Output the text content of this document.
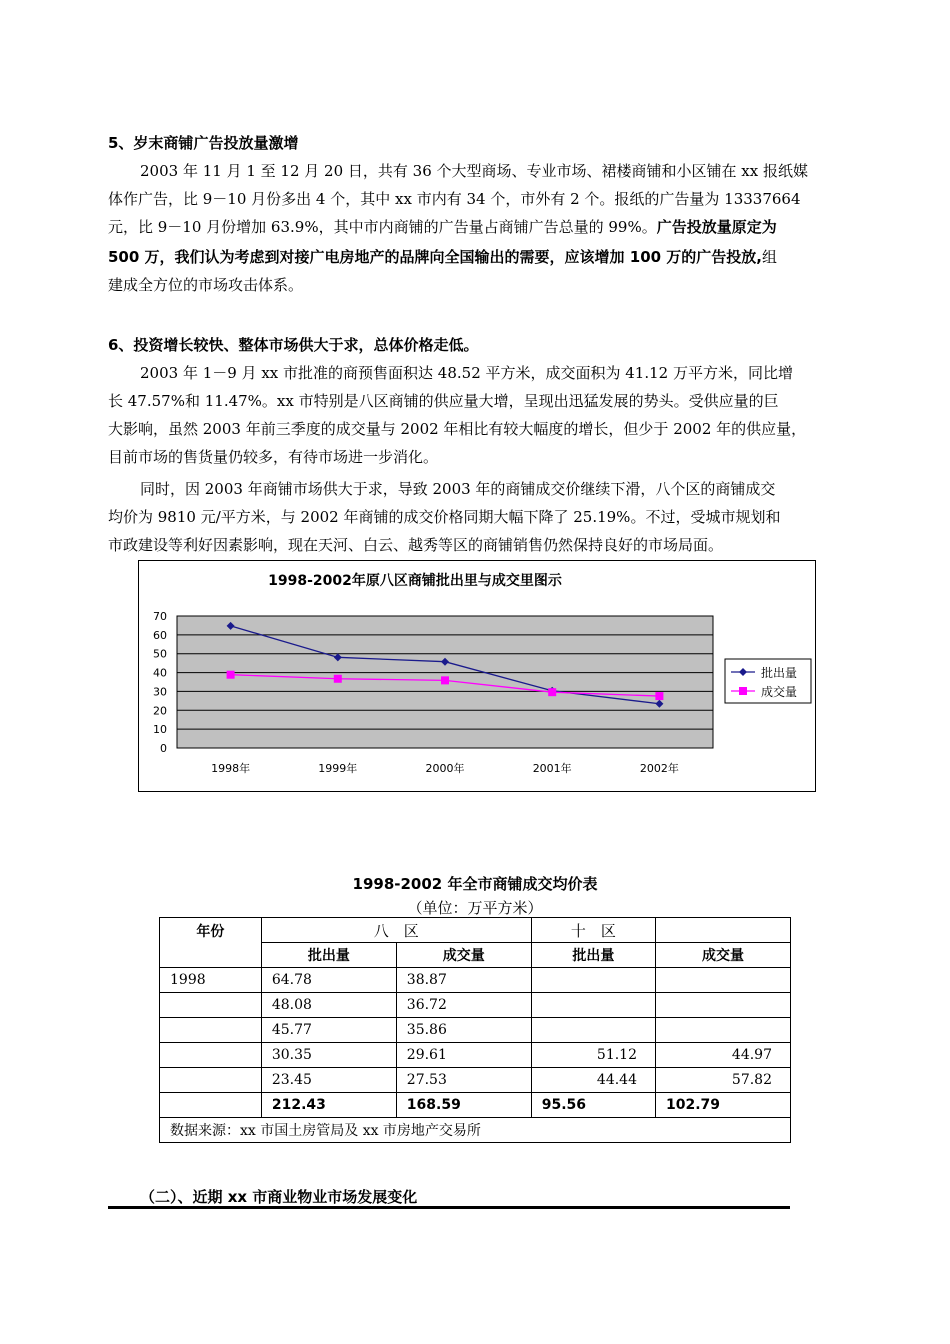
5、岁末商铺广告投放量激增
2003 年 11 月 1 至 12 月 20 日，共有 36 个大型商场、专业市场、裙楼商铺和小区铺在 xx 报纸媒
体作广告，比 9－10 月份多出 4 个，其中 xx 市内有 34 个，市外有 2 个。报纸的广告量为 13337664
元，比 9－10 月份增加 63.9%，其中市内商铺的广告量占商铺广告总量的 99%。广告投放量原定为
500 万，我们认为考虑到对接广电房地产的品牌向全国输出的需要，应该增加 100 万的广告投放,组
建成全方位的市场攻击体系。
6、投资增长较快、整体市场供大于求，总体价格走低。
2003 年 1－9 月 xx 市批准的商预售面积达 48.52 平方米，成交面积为 41.12 万平方米，同比增
长 47.57%和 11.47%。xx 市特别是八区商铺的供应量大增，呈现出迅猛发展的势头。受供应量的巨
大影响，虽然 2003 年前三季度的成交量与 2002 年相比有较大幅度的增长，但少于 2002 年的供应量，
目前市场的售货量仍较多，有待市场进一步消化。
同时，因 2003 年商铺市场供大于求，导致 2003 年的商铺成交价继续下滑，八个区的商铺成交
均价为 9810 元/平方米，与 2002 年商铺的成交价格同期大幅下降了 25.19%。不过，受城市规划和
市政建设等利好因素影响，现在天河、白云、越秀等区的商铺销售仍然保持良好的市场局面。
1998-2002年原八区商铺批出里与成交里图示
0
10
20
30
40
50
60
70
1998年	1999年	2000年	2001年	2002年
批出量
成交量
1998-2002 年全市商铺成交均价表
（单位：万平方米）
年份	八　区		十　区	
	批出量	成交量	批出量	成交量
1998	64.78	38.87		
	48.08	36.72		
	45.77	35.86		
	30.35	29.61	51.12	44.97
	23.45	27.53	44.44	57.82
	212.43	168.59	95.56	102.79
数据来源：xx 市国土房管局及 xx 市房地产交易所				
（二）、近期 xx 市商业物业市场发展变化
